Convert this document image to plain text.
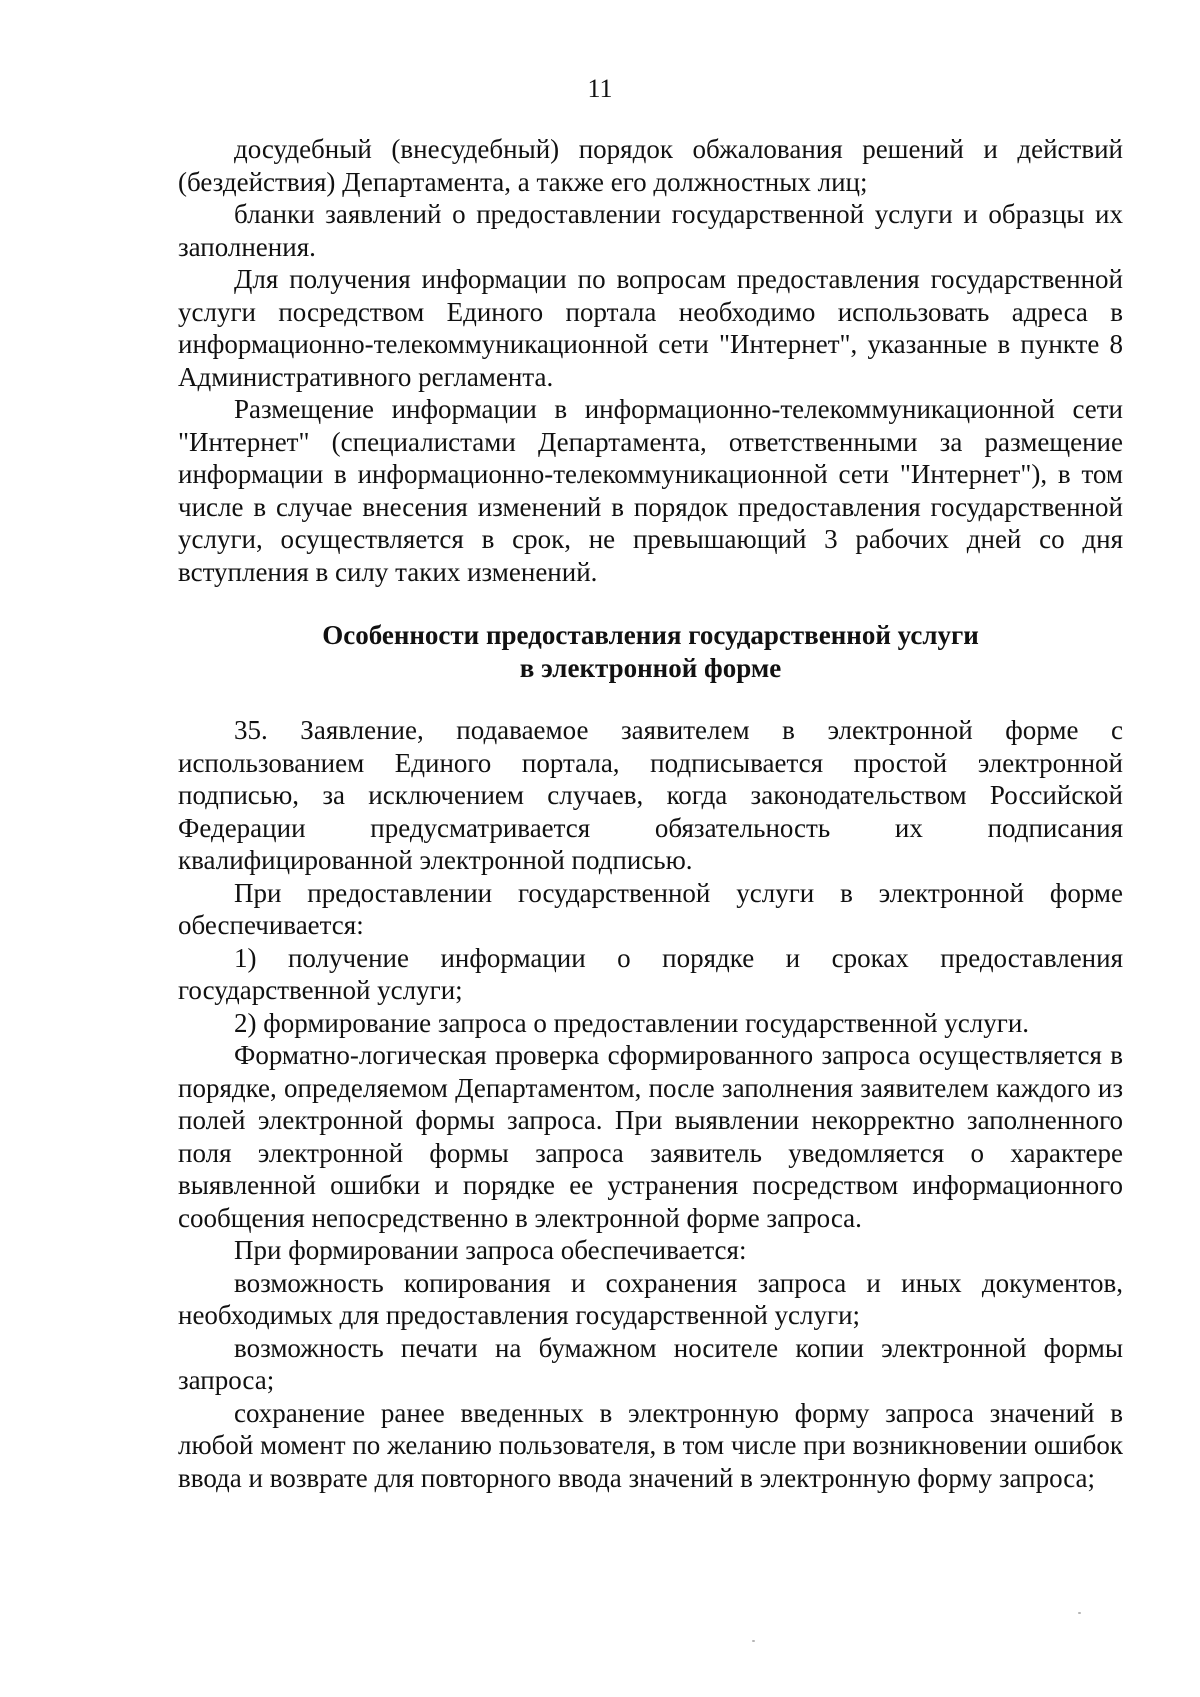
11

досудебный (внесудебный) порядок обжалования решений и действий (бездействия) Департамента, а также его должностных лиц;

бланки заявлений о предоставлении государственной услуги и образцы их заполнения.

Для получения информации по вопросам предоставления государственной услуги посредством Единого портала необходимо использовать адреса в информационно-телекоммуникационной сети "Интернет", указанные в пункте 8 Административного регламента.

Размещение информации в информационно-телекоммуникационной сети "Интернет" (специалистами Департамента, ответственными за размещение информации в информационно-телекоммуникационной сети "Интернет"), в том числе в случае внесения изменений в порядок предоставления государственной услуги, осуществляется в срок, не превышающий 3 рабочих дней со дня вступления в силу таких изменений.

Особенности предоставления государственной услуги
в электронной форме

35. Заявление, подаваемое заявителем в электронной форме с использованием Единого портала, подписывается простой электронной подписью, за исключением случаев, когда законодательством Российской Федерации предусматривается обязательность их подписания квалифицированной электронной подписью.

При предоставлении государственной услуги в электронной форме обеспечивается:

1) получение информации о порядке и сроках предоставления государственной услуги;

2) формирование запроса о предоставлении государственной услуги.

Форматно-логическая проверка сформированного запроса осуществляется в порядке, определяемом Департаментом, после заполнения заявителем каждого из полей электронной формы запроса. При выявлении некорректно заполненного поля электронной формы запроса заявитель уведомляется о характере выявленной ошибки и порядке ее устранения посредством информационного сообщения непосредственно в электронной форме запроса.

При формировании запроса обеспечивается:

возможность копирования и сохранения запроса и иных документов, необходимых для предоставления государственной услуги;

возможность печати на бумажном носителе копии электронной формы запроса;

сохранение ранее введенных в электронную форму запроса значений в любой момент по желанию пользователя, в том числе при возникновении ошибок ввода и возврате для повторного ввода значений в электронную форму запроса;
